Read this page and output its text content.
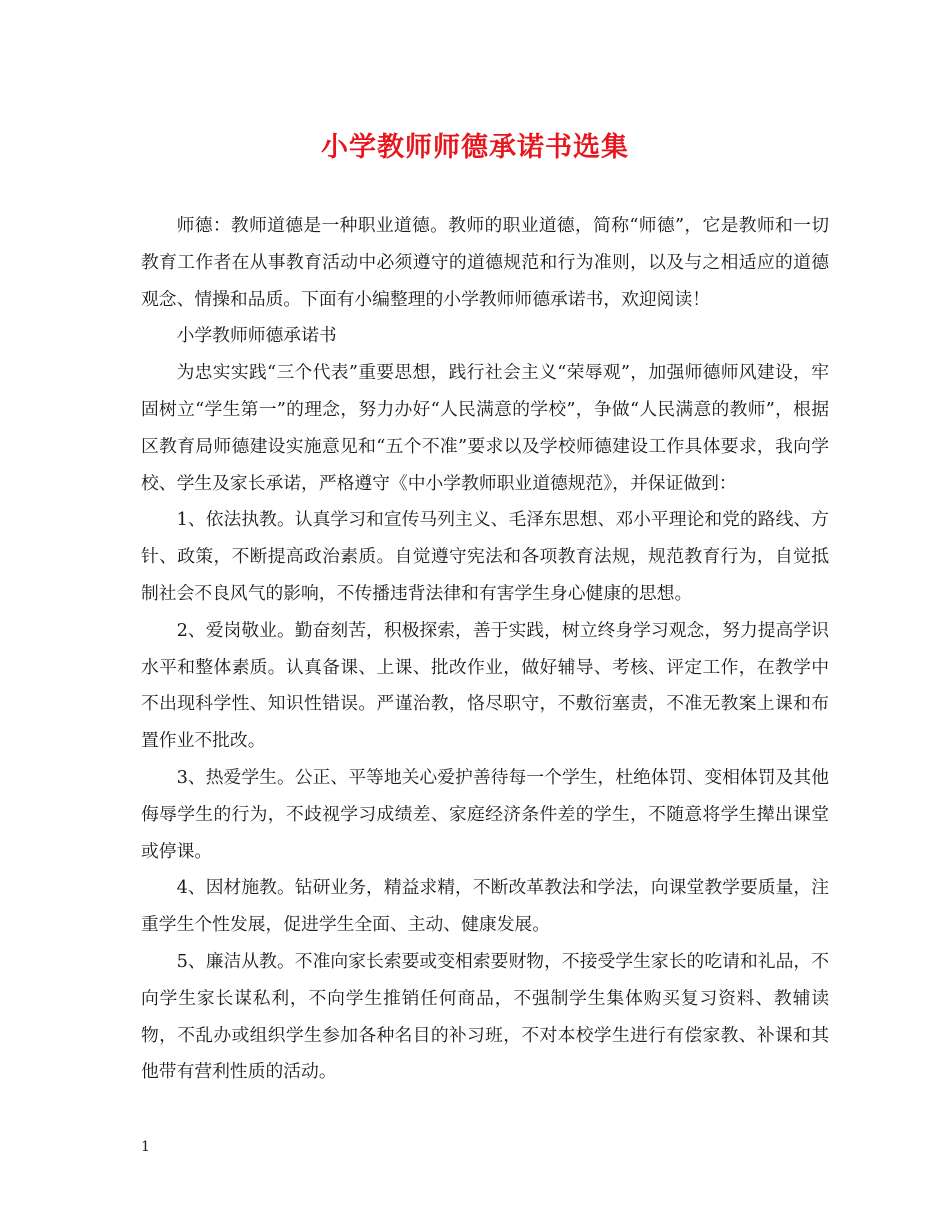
小学教师师德承诺书选集

师德：教师道德是一种职业道德。教师的职业道德，简称“师德”，它是教师和一切教育工作者在从事教育活动中必须遵守的道德规范和行为准则，以及与之相适应的道德观念、情操和品质。下面有小编整理的小学教师师德承诺书，欢迎阅读！

小学教师师德承诺书

为忠实实践“三个代表”重要思想，践行社会主义“荣辱观”，加强师德师风建设，牢固树立“学生第一”的理念，努力办好“人民满意的学校”，争做“人民满意的教师”，根据区教育局师德建设实施意见和“五个不准”要求以及学校师德建设工作具体要求，我向学校、学生及家长承诺，严格遵守《中小学教师职业道德规范》，并保证做到：

1、依法执教。认真学习和宣传马列主义、毛泽东思想、邓小平理论和党的路线、方针、政策，不断提高政治素质。自觉遵守宪法和各项教育法规，规范教育行为，自觉抵制社会不良风气的影响，不传播违背法律和有害学生身心健康的思想。

2、爱岗敬业。勤奋刻苦，积极探索，善于实践，树立终身学习观念，努力提高学识水平和整体素质。认真备课、上课、批改作业，做好辅导、考核、评定工作，在教学中不出现科学性、知识性错误。严谨治教，恪尽职守，不敷衍塞责，不准无教案上课和布置作业不批改。

3、热爱学生。公正、平等地关心爱护善待每一个学生，杜绝体罚、变相体罚及其他侮辱学生的行为，不歧视学习成绩差、家庭经济条件差的学生，不随意将学生撵出课堂或停课。

4、因材施教。钻研业务，精益求精，不断改革教法和学法，向课堂教学要质量，注重学生个性发展，促进学生全面、主动、健康发展。

5、廉洁从教。不准向家长索要或变相索要财物，不接受学生家长的吃请和礼品，不向学生家长谋私利，不向学生推销任何商品，不强制学生集体购买复习资料、教辅读物，不乱办或组织学生参加各种名目的补习班，不对本校学生进行有偿家教、补课和其他带有营利性质的活动。

1
